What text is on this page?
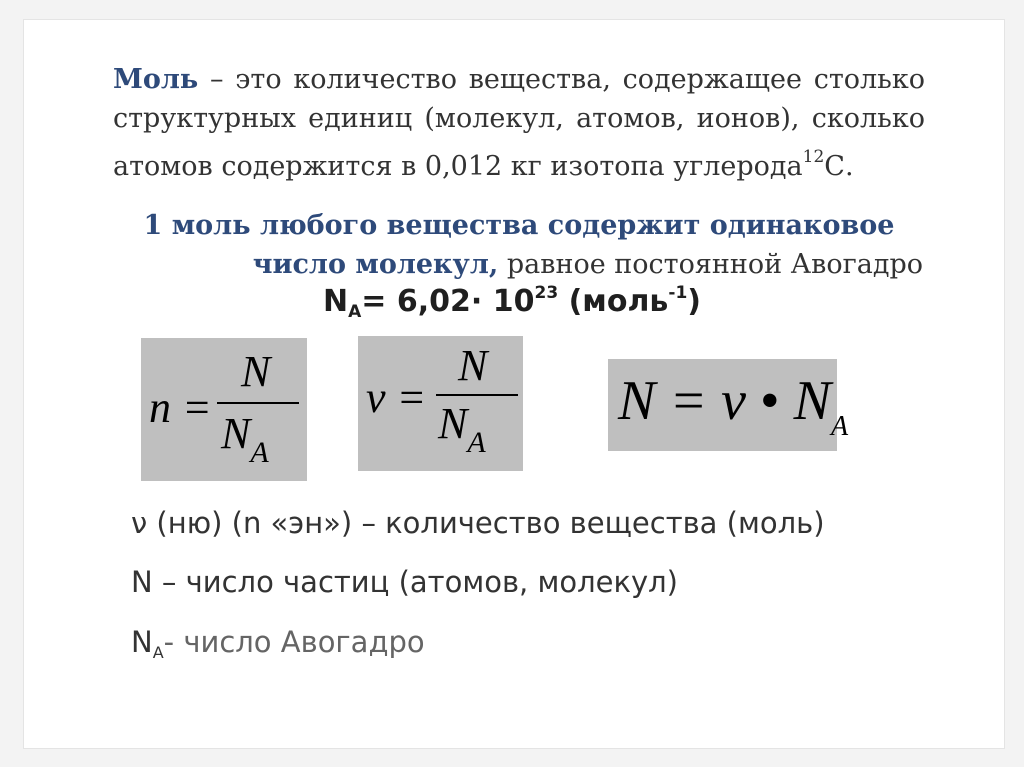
Моль – это количество вещества, содержащее столько структурных единиц (молекул, атомов, ионов), сколько атомов содержится в 0,012 кг изотопа углерода$^{12}$С.
1 моль любого вещества содержит одинаковое
число молекул, равное постоянной Авогадро
$N_A= 6,02\cdot 10^{23}$ (моль$^{-1}$)
n =
N
$N_A$
ν =
N
$N_A$
N = ν • $N_A$
ν (ню) (n «эн») – количество вещества (моль)
N – число частиц (атомов, молекул)
$N_A-$ число Авогадро
